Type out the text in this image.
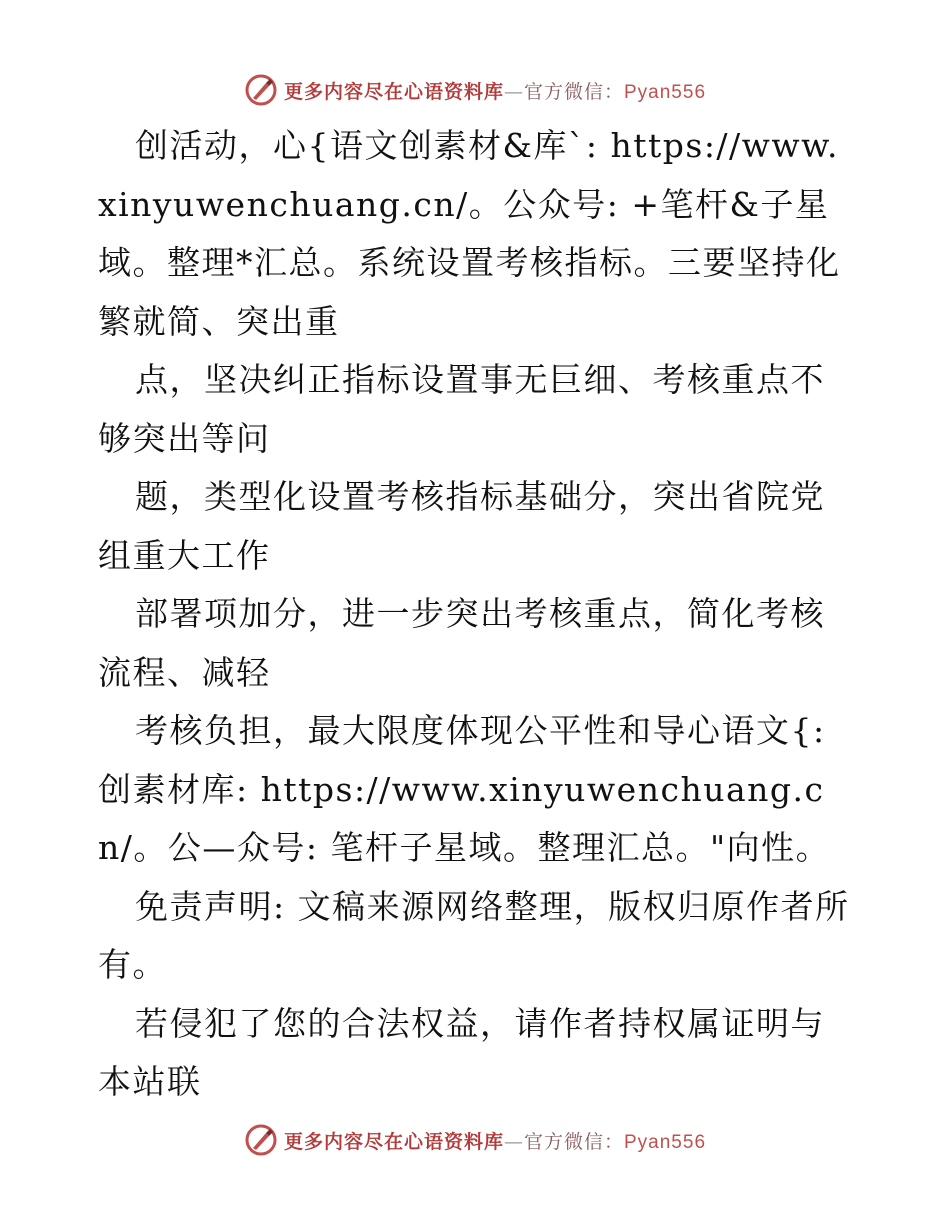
更多内容尽在心语资料库—官方微信：Pyan556

创活动，心{语文创素材&库`: https://www.xinyuwenchuang.cn/。公众号: +笔杆&子星域。整理*汇总。系统设置考核指标。三要坚持化繁就简、突出重

点，坚决纠正指标设置事无巨细、考核重点不够突出等问

题，类型化设置考核指标基础分，突出省院党组重大工作

部署项加分，进一步突出考核重点，简化考核流程、减轻

考核负担，最大限度体现公平性和导心语文{:创素材库: https://www.xinyuwenchuang.cn/。公—众号: 笔杆子星域。整理汇总。"向性。

免责声明: 文稿来源网络整理，版权归原作者所有。

若侵犯了您的合法权益，请作者持权属证明与本站联

更多内容尽在心语资料库—官方微信：Pyan556
